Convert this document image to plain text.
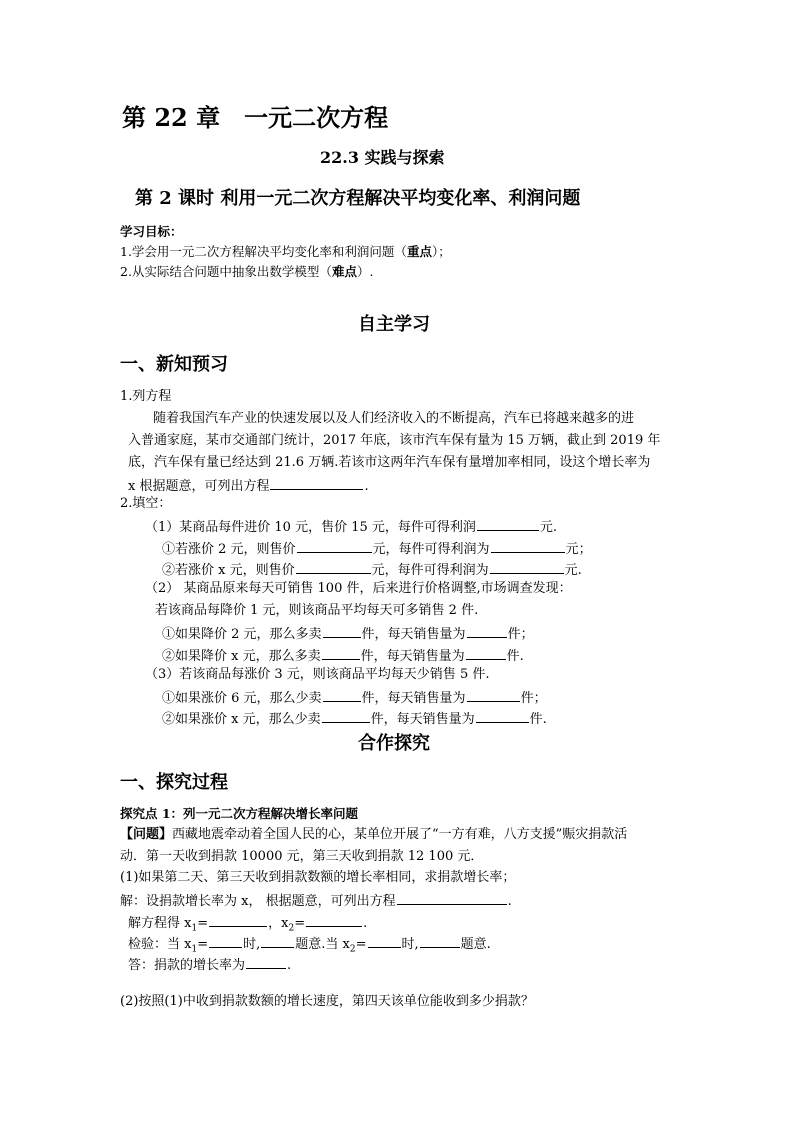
第 22 章　一元二次方程
22.3 实践与探索
第 2 课时 利用一元二次方程解决平均变化率、利润问题
学习目标：
1.学会用一元二次方程解决平均变化率和利润问题（重点）；
2.从实际结合问题中抽象出数学模型（难点）.
自主学习
一、新知预习
1.列方程
随着我国汽车产业的快速发展以及人们经济收入的不断提高，汽车已将越来越多的进
入普通家庭，某市交通部门统计，2017 年底，该市汽车保有量为 15 万辆，截止到 2019 年
底，汽车保有量已经达到 21.6 万辆.若该市这两年汽车保有量增加率相同，设这个增长率为
x 根据题意，可列出方程	.
2.填空：
（1）某商品每件进价 10 元，售价 15 元，每件可得利润	元.
①若涨价 2 元，则售价	元，每件可得利润为	元；
②若涨价 x 元，则售价	元，每件可得利润为	元.
（2） 某商品原来每天可销售 100 件，后来进行价格调整,市场调查发现：
若该商品每降价 1 元，则该商品平均每天可多销售 2 件.
①如果降价 2 元，那么多卖	件，每天销售量为	件；
②如果降价 x 元，那么多卖	件，每天销售量为	件.
（3）若该商品每涨价 3 元，则该商品平均每天少销售 5 件.
①如果涨价 6 元，那么少卖	件，每天销售量为	件；
②如果涨价 x 元，那么少卖	件，每天销售量为	件.
合作探究
一、探究过程
探究点 1：列一元二次方程解决增长率问题
【问题】西藏地震牵动着全国人民的心，某单位开展了“一方有难，八方支援”赈灾捐款活
动．第一天收到捐款 10000 元，第三天收到捐款 12 100 元．
(1)如果第二天、第三天收到捐款数额的增长率相同，求捐款增长率；
解：设捐款增长率为 x， 根据题意，可列出方程	.
解方程得 $x_1=$	，$x_2=$	.
检验：当 $x_1=$	时,	题意.当 $x_2=$	时,	题意.
答：捐款的增长率为	.
(2)按照(1)中收到捐款数额的增长速度，第四天该单位能收到多少捐款？
